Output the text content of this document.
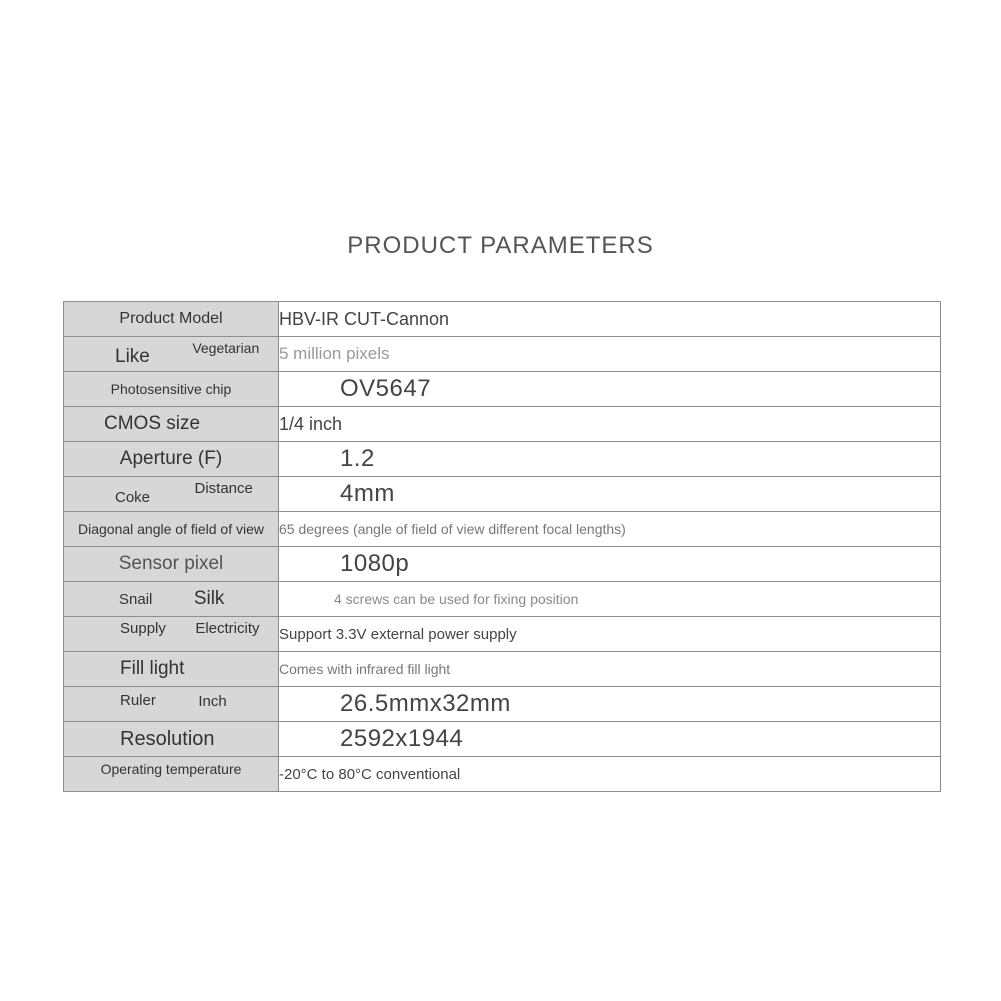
PRODUCT PARAMETERS
Product Model	HBV-IR CUT-Cannon
Like Vegetarian	5 million pixels
Photosensitive chip	OV5647
CMOS size	1/4 inch
Aperture (F)	1.2
Coke Distance	4mm
Diagonal angle of field of view	65 degrees (angle of field of view different focal lengths)
Sensor pixel	1080p
Snail Silk	4 screws can be used for fixing position
Supply Electricity	Support 3.3V external power supply
Fill light	Comes with infrared fill light
Ruler Inch	26.5mmx32mm
Resolution	2592x1944
Operating temperature	-20°C to 80°C conventional
